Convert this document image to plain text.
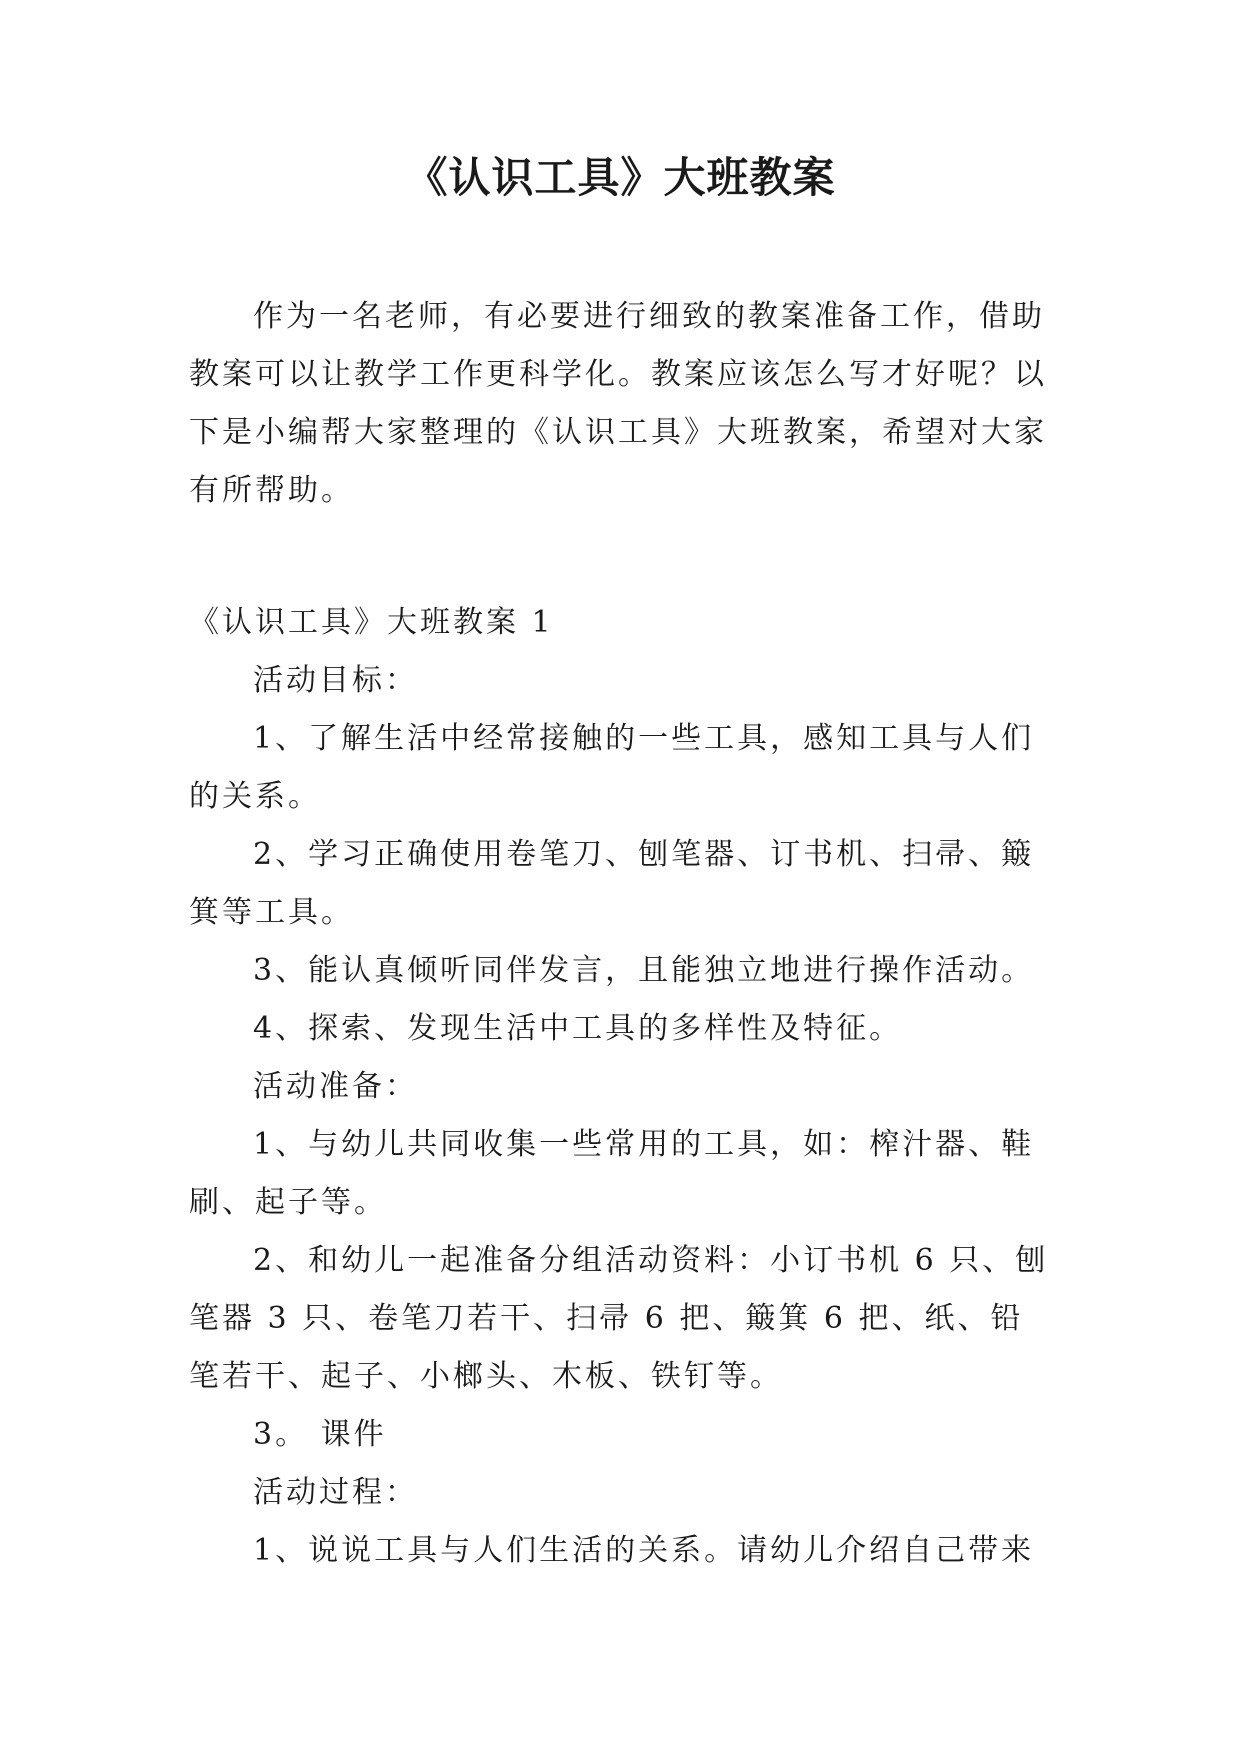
《认识工具》大班教案

作为一名老师，有必要进行细致的教案准备工作，借助教案可以让教学工作更科学化。教案应该怎么写才好呢？以下是小编帮大家整理的《认识工具》大班教案，希望对大家有所帮助。

《认识工具》大班教案 1

活动目标：

1、了解生活中经常接触的一些工具，感知工具与人们的关系。

2、学习正确使用卷笔刀、刨笔器、订书机、扫帚、簸箕等工具。

3、能认真倾听同伴发言，且能独立地进行操作活动。

4、探索、发现生活中工具的多样性及特征。

活动准备：

1、与幼儿共同收集一些常用的工具，如：榨汁器、鞋刷、起子等。

2、和幼儿一起准备分组活动资料：小订书机 6 只、刨笔器 3 只、卷笔刀若干、扫帚 6 把、簸箕 6 把、纸、铅笔若干、起子、小榔头、木板、铁钉等。

3。 课件

活动过程：

1、说说工具与人们生活的关系。请幼儿介绍自己带来
